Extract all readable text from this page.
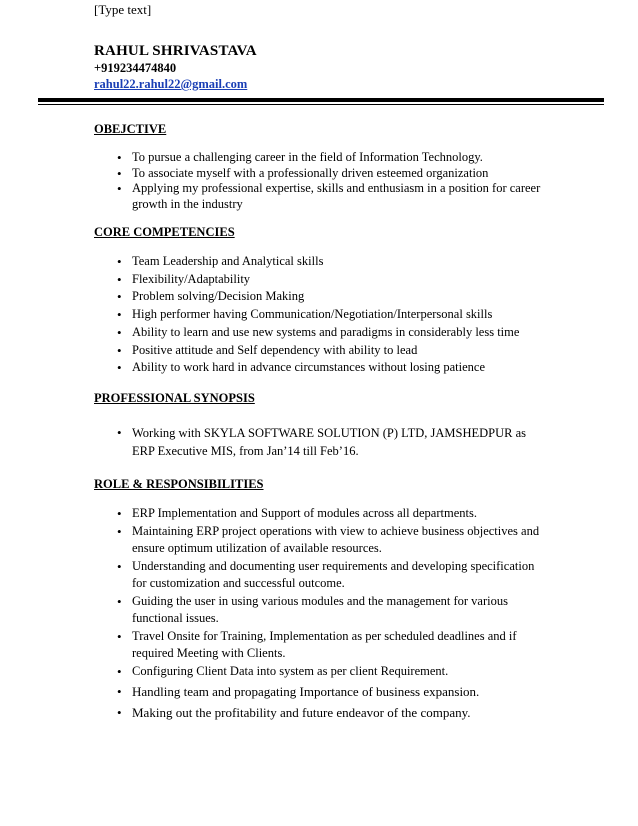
[Type text]
RAHUL SHRIVASTAVA
+919234474840
rahul22.rahul22@gmail.com
OBEJCTIVE
• To pursue a challenging career in the field of Information Technology.
• To associate myself with a professionally driven esteemed organization
• Applying my professional expertise, skills and enthusiasm in a position for career growth in the industry
CORE COMPETENCIES
• Team Leadership and Analytical skills
• Flexibility/Adaptability
• Problem solving/Decision Making
• High performer having Communication/Negotiation/Interpersonal skills
• Ability to learn and use new systems and paradigms in considerably less time
• Positive attitude and Self dependency with ability to lead
• Ability to work hard in advance circumstances without losing patience
PROFESSIONAL SYNOPSIS
• Working with SKYLA SOFTWARE SOLUTION (P) LTD, JAMSHEDPUR as ERP Executive MIS, from Jan’14 till Feb’16.
ROLE & RESPONSIBILITIES
• ERP Implementation and Support of modules across all departments.
• Maintaining ERP project operations with view to achieve business objectives and ensure optimum utilization of available resources.
• Understanding and documenting user requirements and developing specification for customization and successful outcome.
• Guiding the user in using various modules and the management for various functional issues.
• Travel Onsite for Training, Implementation as per scheduled deadlines and if required Meeting with Clients.
• Configuring Client Data into system as per client Requirement.
• Handling team and propagating Importance of business expansion.
• Making out the profitability and future endeavor of the company.
